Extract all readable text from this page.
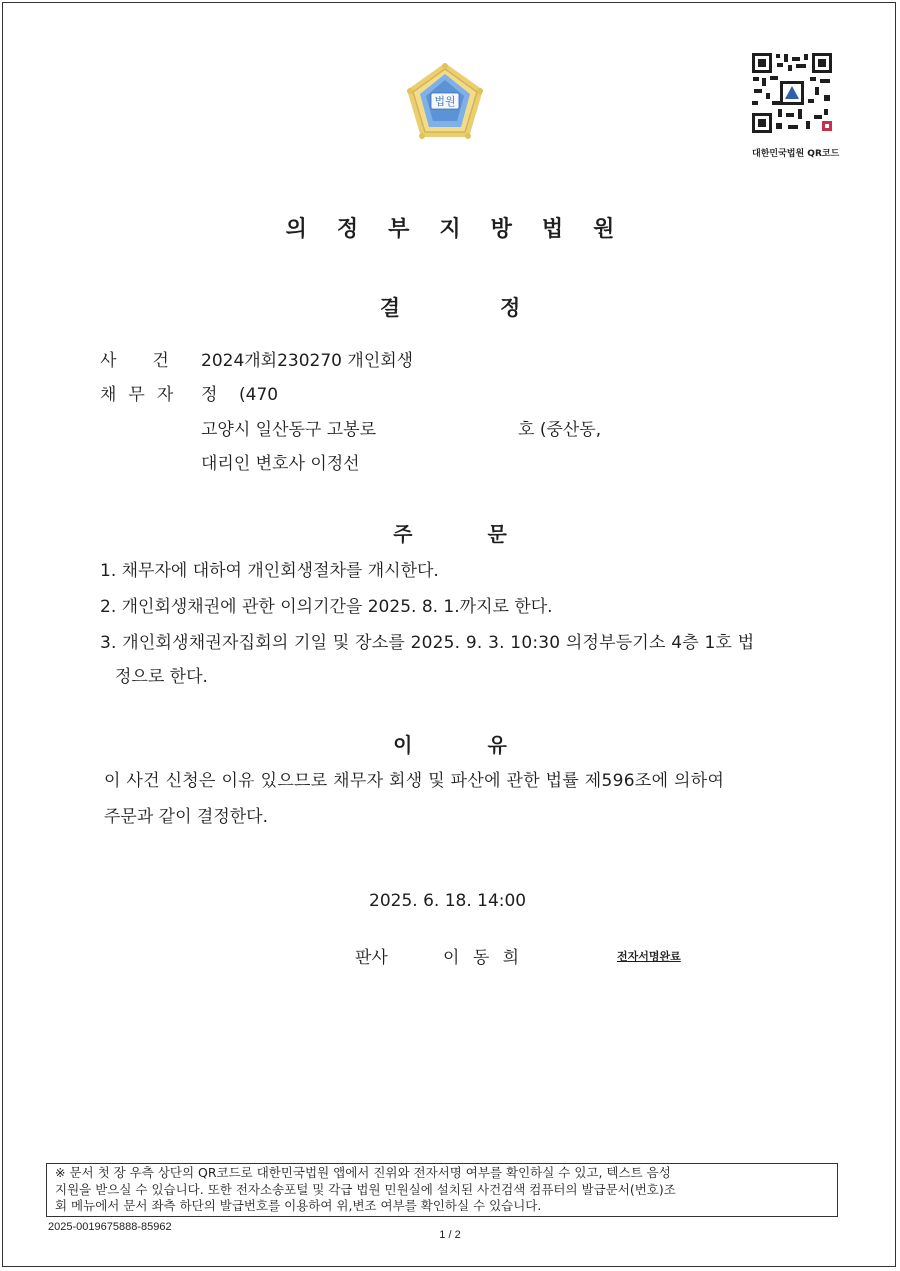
법원
대한민국법원 QR코드
의정부지방법원
결정
사건
2024개회230270 개인회생
채무자 정    (470
고양시 일산동구 고봉로	호 (중산동,
대리인 변호사 이정선
주문
1. 채무자에 대하여 개인회생절차를 개시한다.
2. 개인회생채권에 관한 이의기간을 2025. 8. 1.까지로 한다.
3. 개인회생채권자집회의 기일 및 장소를 2025. 9. 3. 10:30 의정부등기소 4층 1호 법
정으로 한다.
이유
이 사건 신청은 이유 있으므로 채무자 회생 및 파산에 관한 법률 제596조에 의하여
주문과 같이 결정한다.
2025. 6. 18. 14:00
판사	이 동 희	전자서명완료
※ 문서 첫 장 우측 상단의 QR코드로 대한민국법원 앱에서 진위와 전자서명 여부를 확인하실 수 있고, 텍스트 음성
지원을 받으실 수 있습니다. 또한 전자소송포털 및 각급 법원 민원실에 설치된 사건검색 컴퓨터의 발급문서(번호)조
회 메뉴에서 문서 좌측 하단의 발급번호를 이용하여 위,변조 여부를 확인하실 수 있습니다.
2025-0019675888-85962
1 / 2
